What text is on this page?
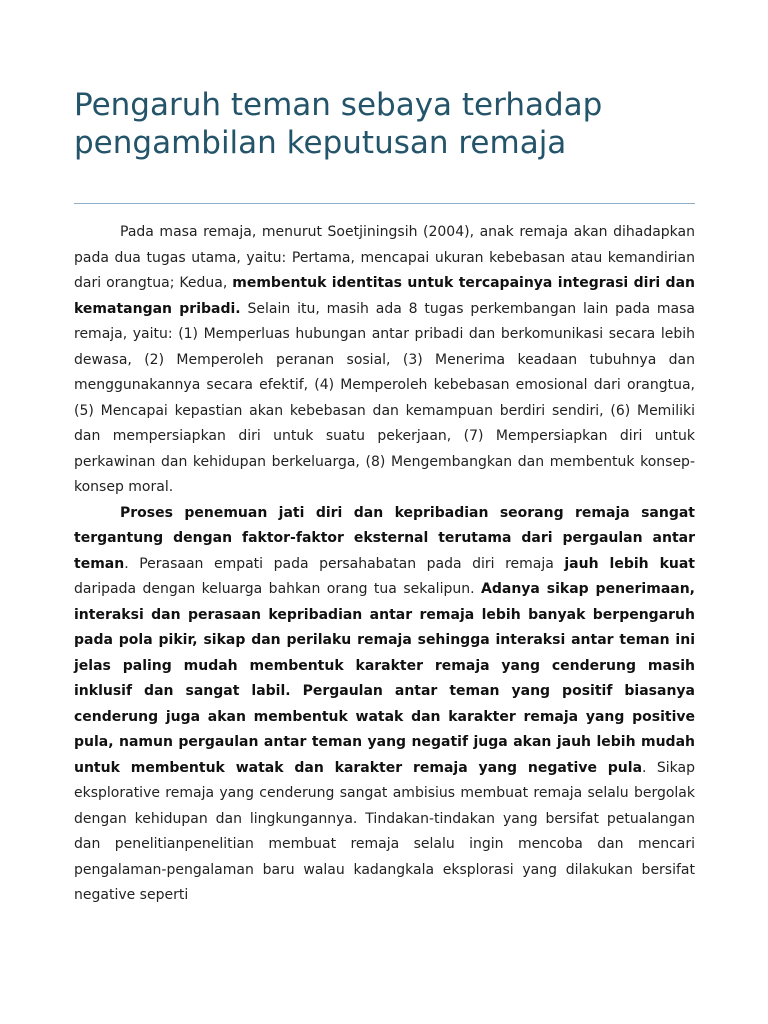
Pengaruh teman sebaya terhadap pengambilan keputusan remaja

Pada masa remaja, menurut Soetjiningsih (2004), anak remaja akan dihadapkan pada dua tugas utama, yaitu: Pertama, mencapai ukuran kebebasan atau kemandirian dari orangtua; Kedua, membentuk identitas untuk tercapainya integrasi diri dan kematangan pribadi. Selain itu, masih ada 8 tugas perkembangan lain pada masa remaja, yaitu: (1) Memperluas hubungan antar pribadi dan berkomunikasi secara lebih dewasa, (2) Memperoleh peranan sosial, (3) Menerima keadaan tubuhnya dan menggunakannya secara efektif, (4) Memperoleh kebebasan emosional dari orangtua, (5) Mencapai kepastian akan kebebasan dan kemampuan berdiri sendiri, (6) Memiliki dan mempersiapkan diri untuk suatu pekerjaan, (7) Mempersiapkan diri untuk perkawinan dan kehidupan berkeluarga, (8) Mengembangkan dan membentuk konsep-konsep moral.

Proses penemuan jati diri dan kepribadian seorang remaja sangat tergantung dengan faktor-faktor eksternal terutama dari pergaulan antar teman. Perasaan empati pada persahabatan pada diri remaja jauh lebih kuat daripada dengan keluarga bahkan orang tua sekalipun. Adanya sikap penerimaan, interaksi dan perasaan kepribadian antar remaja lebih banyak berpengaruh pada pola pikir, sikap dan perilaku remaja sehingga interaksi antar teman ini jelas paling mudah membentuk karakter remaja yang cenderung masih inklusif dan sangat labil. Pergaulan antar teman yang positif biasanya cenderung juga akan membentuk watak dan karakter remaja yang positive pula, namun pergaulan antar teman yang negatif juga akan jauh lebih mudah untuk membentuk watak dan karakter remaja yang negative pula. Sikap eksplorative remaja yang cenderung sangat ambisius membuat remaja selalu bergolak dengan kehidupan dan lingkungannya. Tindakan-tindakan yang bersifat petualangan dan penelitianpenelitian membuat remaja selalu ingin mencoba dan mencari pengalaman-pengalaman baru walau kadangkala eksplorasi yang dilakukan bersifat negative seperti
